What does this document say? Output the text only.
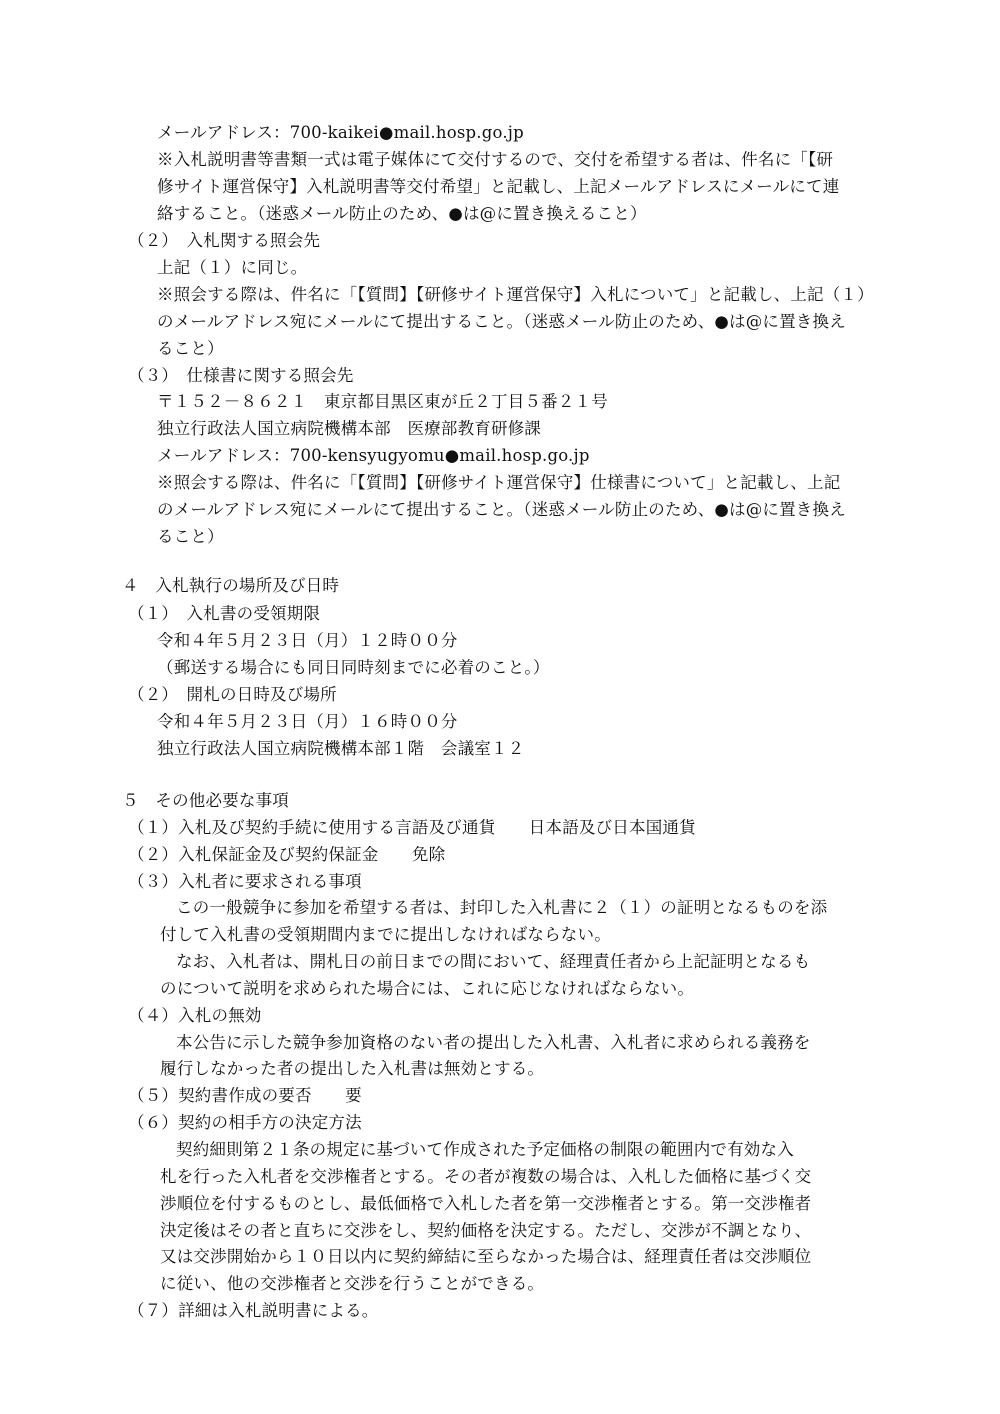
メールアドレス：700-kaikei●mail.hosp.go.jp
※入札説明書等書類一式は電子媒体にて交付するので、交付を希望する者は、件名に「【研
修サイト運営保守】入札説明書等交付希望」と記載し、上記メールアドレスにメールにて連
絡すること。（迷惑メール防止のため、●は@に置き換えること）
（２）　入札関する照会先
上記（１）に同じ。
※照会する際は、件名に「【質問】【研修サイト運営保守】入札について」と記載し、上記（１）
のメールアドレス宛にメールにて提出すること。（迷惑メール防止のため、●は@に置き換え
ること）
（３）　仕様書に関する照会先
〒１５２－８６２１　東京都目黒区東が丘２丁目５番２１号
独立行政法人国立病院機構本部　医療部教育研修課
メールアドレス：700-kensyugyomu●mail.hosp.go.jp
※照会する際は、件名に「【質問】【研修サイト運営保守】仕様書について」と記載し、上記
のメールアドレス宛にメールにて提出すること。（迷惑メール防止のため、●は@に置き換え
ること）
４　入札執行の場所及び日時
（１）　入札書の受領期限
令和４年５月２３日（月）１２時００分
（郵送する場合にも同日同時刻までに必着のこと。）
（２）　開札の日時及び場所
令和４年５月２３日（月）１６時００分
独立行政法人国立病院機構本部１階　会議室１２
５　その他必要な事項
（１）入札及び契約手続に使用する言語及び通貨　　日本語及び日本国通貨
（２）入札保証金及び契約保証金　　免除
（３）入札者に要求される事項
この一般競争に参加を希望する者は、封印した入札書に２（１）の証明となるものを添
付して入札書の受領期間内までに提出しなければならない。
なお、入札者は、開札日の前日までの間において、経理責任者から上記証明となるも
のについて説明を求められた場合には、これに応じなければならない。
（４）入札の無効
本公告に示した競争参加資格のない者の提出した入札書、入札者に求められる義務を
履行しなかった者の提出した入札書は無効とする。
（５）契約書作成の要否　　要
（６）契約の相手方の決定方法
契約細則第２１条の規定に基づいて作成された予定価格の制限の範囲内で有効な入
札を行った入札者を交渉権者とする。その者が複数の場合は、入札した価格に基づく交
渉順位を付するものとし、最低価格で入札した者を第一交渉権者とする。第一交渉権者
決定後はその者と直ちに交渉をし、契約価格を決定する。ただし、交渉が不調となり、
又は交渉開始から１０日以内に契約締結に至らなかった場合は、経理責任者は交渉順位
に従い、他の交渉権者と交渉を行うことができる。
（７）詳細は入札説明書による。
